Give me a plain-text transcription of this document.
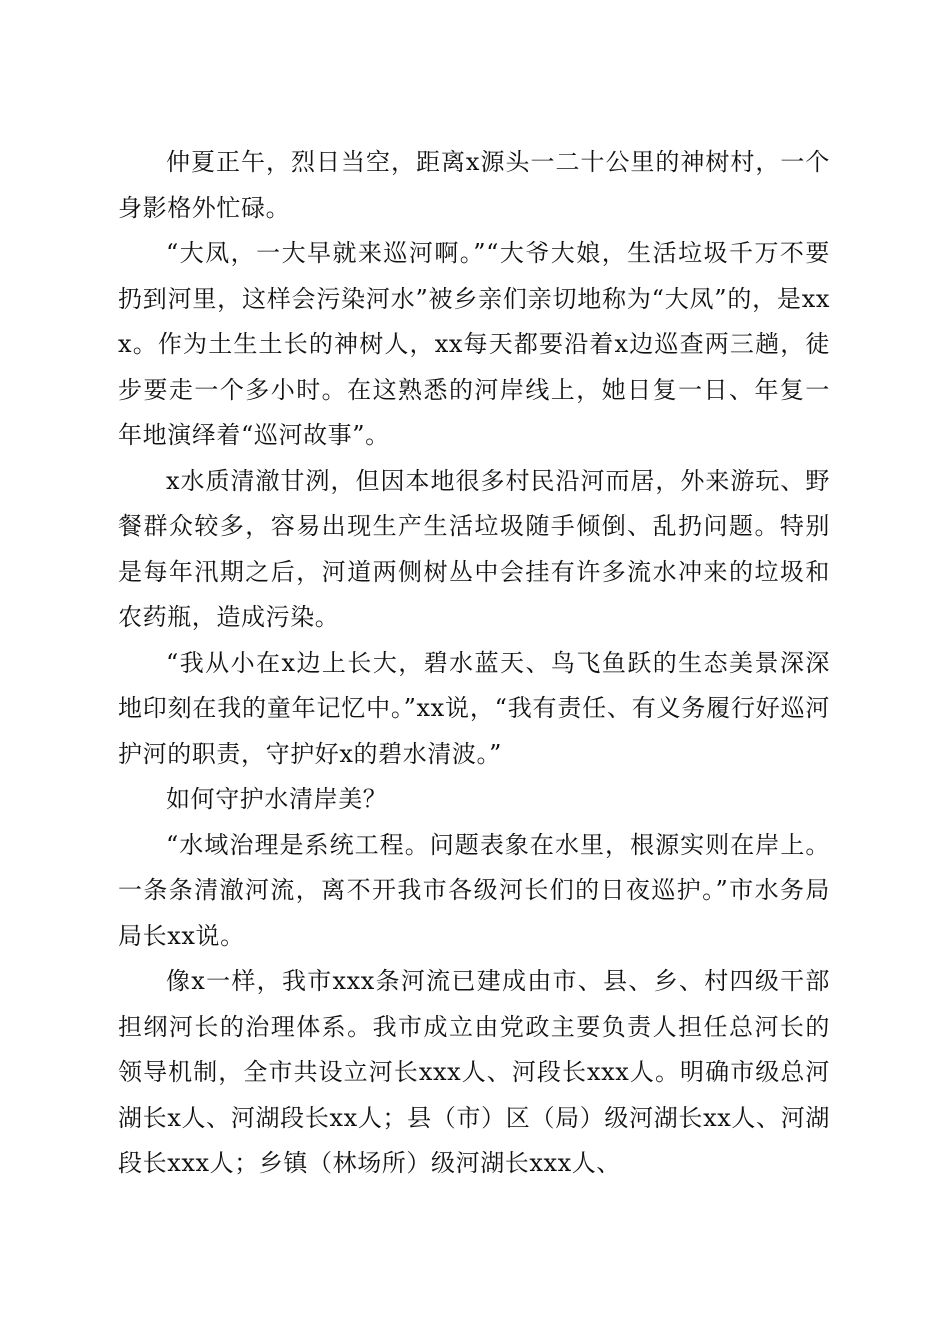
仲夏正午，烈日当空，距离x源头一二十公里的神树村，一个身影格外忙碌。

“大凤，一大早就来巡河啊。”“大爷大娘，生活垃圾千万不要扔到河里，这样会污染河水”被乡亲们亲切地称为“大凤”的，是xxx。作为土生土长的神树人，xx每天都要沿着x边巡查两三趟，徒步要走一个多小时。在这熟悉的河岸线上，她日复一日、年复一年地演绎着“巡河故事”。

x水质清澈甘洌，但因本地很多村民沿河而居，外来游玩、野餐群众较多，容易出现生产生活垃圾随手倾倒、乱扔问题。特别是每年汛期之后，河道两侧树丛中会挂有许多流水冲来的垃圾和农药瓶，造成污染。

“我从小在x边上长大，碧水蓝天、鸟飞鱼跃的生态美景深深地印刻在我的童年记忆中。”xx说，“我有责任、有义务履行好巡河护河的职责，守护好x的碧水清波。”

如何守护水清岸美？

“水域治理是系统工程。问题表象在水里，根源实则在岸上。一条条清澈河流，离不开我市各级河长们的日夜巡护。”市水务局局长xx说。

像x一样，我市xxx条河流已建成由市、县、乡、村四级干部担纲河长的治理体系。我市成立由党政主要负责人担任总河长的领导机制，全市共设立河长xxx人、河段长xxx人。明确市级总河湖长x人、河湖段长xx人；县（市）区（局）级河湖长xx人、河湖段长xxx人；乡镇（林场所）级河湖长xxx人、
